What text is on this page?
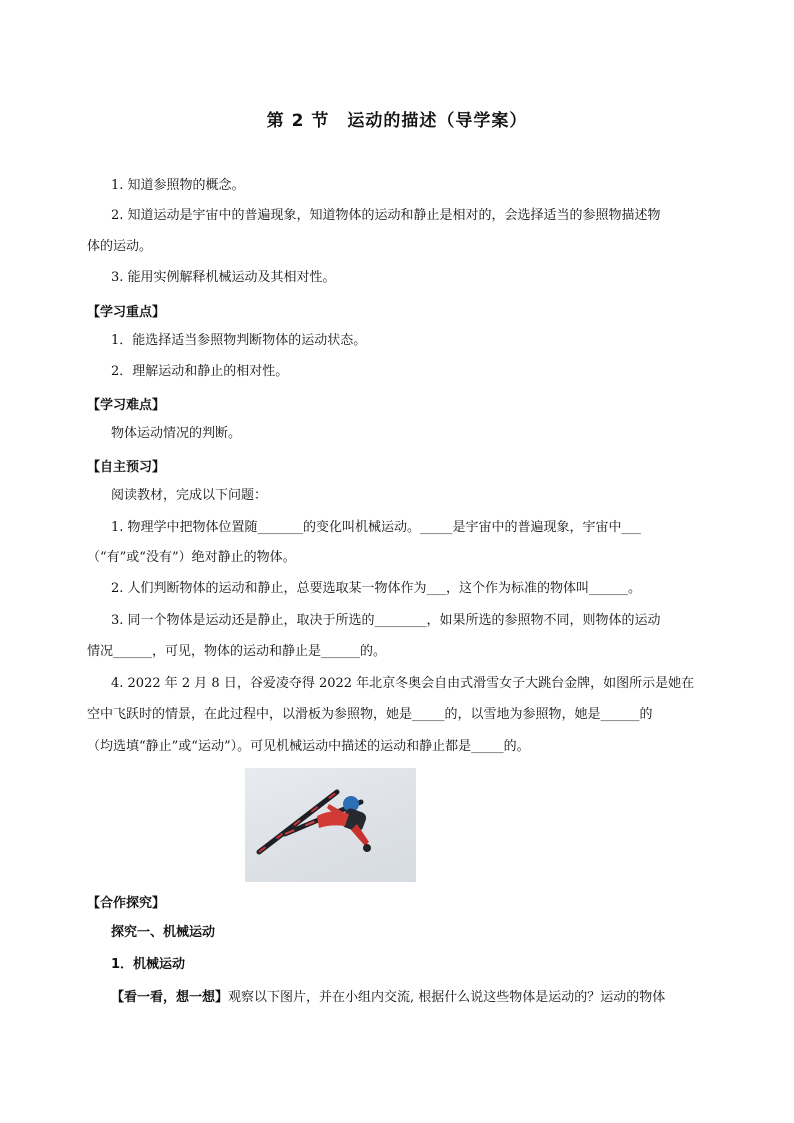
第 2 节　运动的描述（导学案）
1. 知道参照物的概念。
2. 知道运动是宇宙中的普遍现象，知道物体的运动和静止是相对的，会选择适当的参照物描述物
体的运动。
3. 能用实例解释机械运动及其相对性。
【学习重点】
1．能选择适当参照物判断物体的运动状态。
2．理解运动和静止的相对性。
【学习难点】
物体运动情况的判断。
【自主预习】
阅读教材，完成以下问题：
1. 物理学中把物体位置随_______的变化叫机械运动。_____是宇宙中的普遍现象，宇宙中___
（“有”或“没有”）绝对静止的物体。
2. 人们判断物体的运动和静止，总要选取某一物体作为___，这个作为标准的物体叫______。
3. 同一个物体是运动还是静止，取决于所选的________，如果所选的参照物不同，则物体的运动
情况______，可见，物体的运动和静止是______的。
4. 2022 年 2 月 8 日，谷爱凌夺得 2022 年北京冬奥会自由式滑雪女子大跳台金牌，如图所示是她在
空中飞跃时的情景，在此过程中，以滑板为参照物，她是_____的，以雪地为参照物，她是______的
（均选填“静止”或“运动”）。可见机械运动中描述的运动和静止都是_____的。
【合作探究】
探究一、机械运动
1．机械运动
【看一看，想一想】观察以下图片，并在小组内交流, 根据什么说这些物体是运动的？运动的物体
